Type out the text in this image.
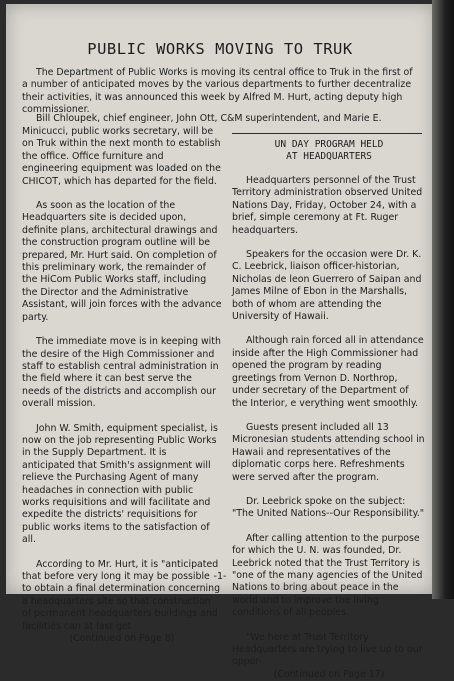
PUBLIC WORKS MOVING TO TRUK

The Department of Public Works is moving its central office to Truk in the first of a number of anticipated moves by the various departments to further decentralize their activities, it was announced this week by Alfred M. Hurt, acting deputy high commissioner.

Bill Chloupek, chief engineer, John Ott, C&M superintendent, and Marie E.

Minicucci, public works secretary, will be on Truk within the next month to establish the office. Office furniture and engineering equipment was loaded on the CHICOT, which has departed for the field.

As soon as the location of the Headquarters site is decided upon, definite plans, architectural drawings and the construction program outline will be prepared, Mr. Hurt said. On completion of this preliminary work, the remainder of the HiCom Public Works staff, including the Director and the Administrative Assistant, will join forces with the advance party.

The immediate move is in keeping with the desire of the High Commissioner and staff to establish central administration in the field where it can best serve the needs of the districts and accomplish our overall mission.

John W. Smith, equipment specialist, is now on the job representing Public Works in the Supply Department. It is anticipated that Smith's assignment will relieve the Purchasing Agent of many headaches in connection with public works requisitions and will facilitate and expedite the districts' requisitions for public works items to the satisfaction of all.

According to Mr. Hurt, it is "anticipated that before very long it may be possible to obtain a final determination concerning a headquarters site so that construction of permanent headquarters buildings and facilities can at last get

(Continued on Page 8)

UN DAY PROGRAM HELD
AT HEADQUARTERS

Headquarters personnel of the Trust Territory administration observed United Nations Day, Friday, October 24, with a brief, simple ceremony at Ft. Ruger headquarters.

Speakers for the occasion were Dr. K. C. Leebrick, liaison officer-historian, Nicholas de leon Guerrero of Saipan and James Milne of Ebon in the Marshalls, both of whom are attending the University of Hawaii.

Although rain forced all in attendance inside after the High Commissioner had opened the program by reading greetings from Vernon D. Northrop, under secretary of the Department of the Interior, e verything went smoothly.

Guests present included all 13 Micronesian students attending school in Hawaii and representatives of the diplomatic corps here. Refreshments were served after the program.

Dr. Leebrick spoke on the subject: "The United Nations--Our Responsibility."

After calling attention to the purpose for which the U. N. was founded, Dr. Leebrick noted that the Trust Territory is "one of the many agencies of the United Nations to bring about peace in the world and to improve the living conditions of all peoples.

"We here at Trust Territory Headquarters are trying to live up to our oppor-

(Continued on Page 17)

-1-
